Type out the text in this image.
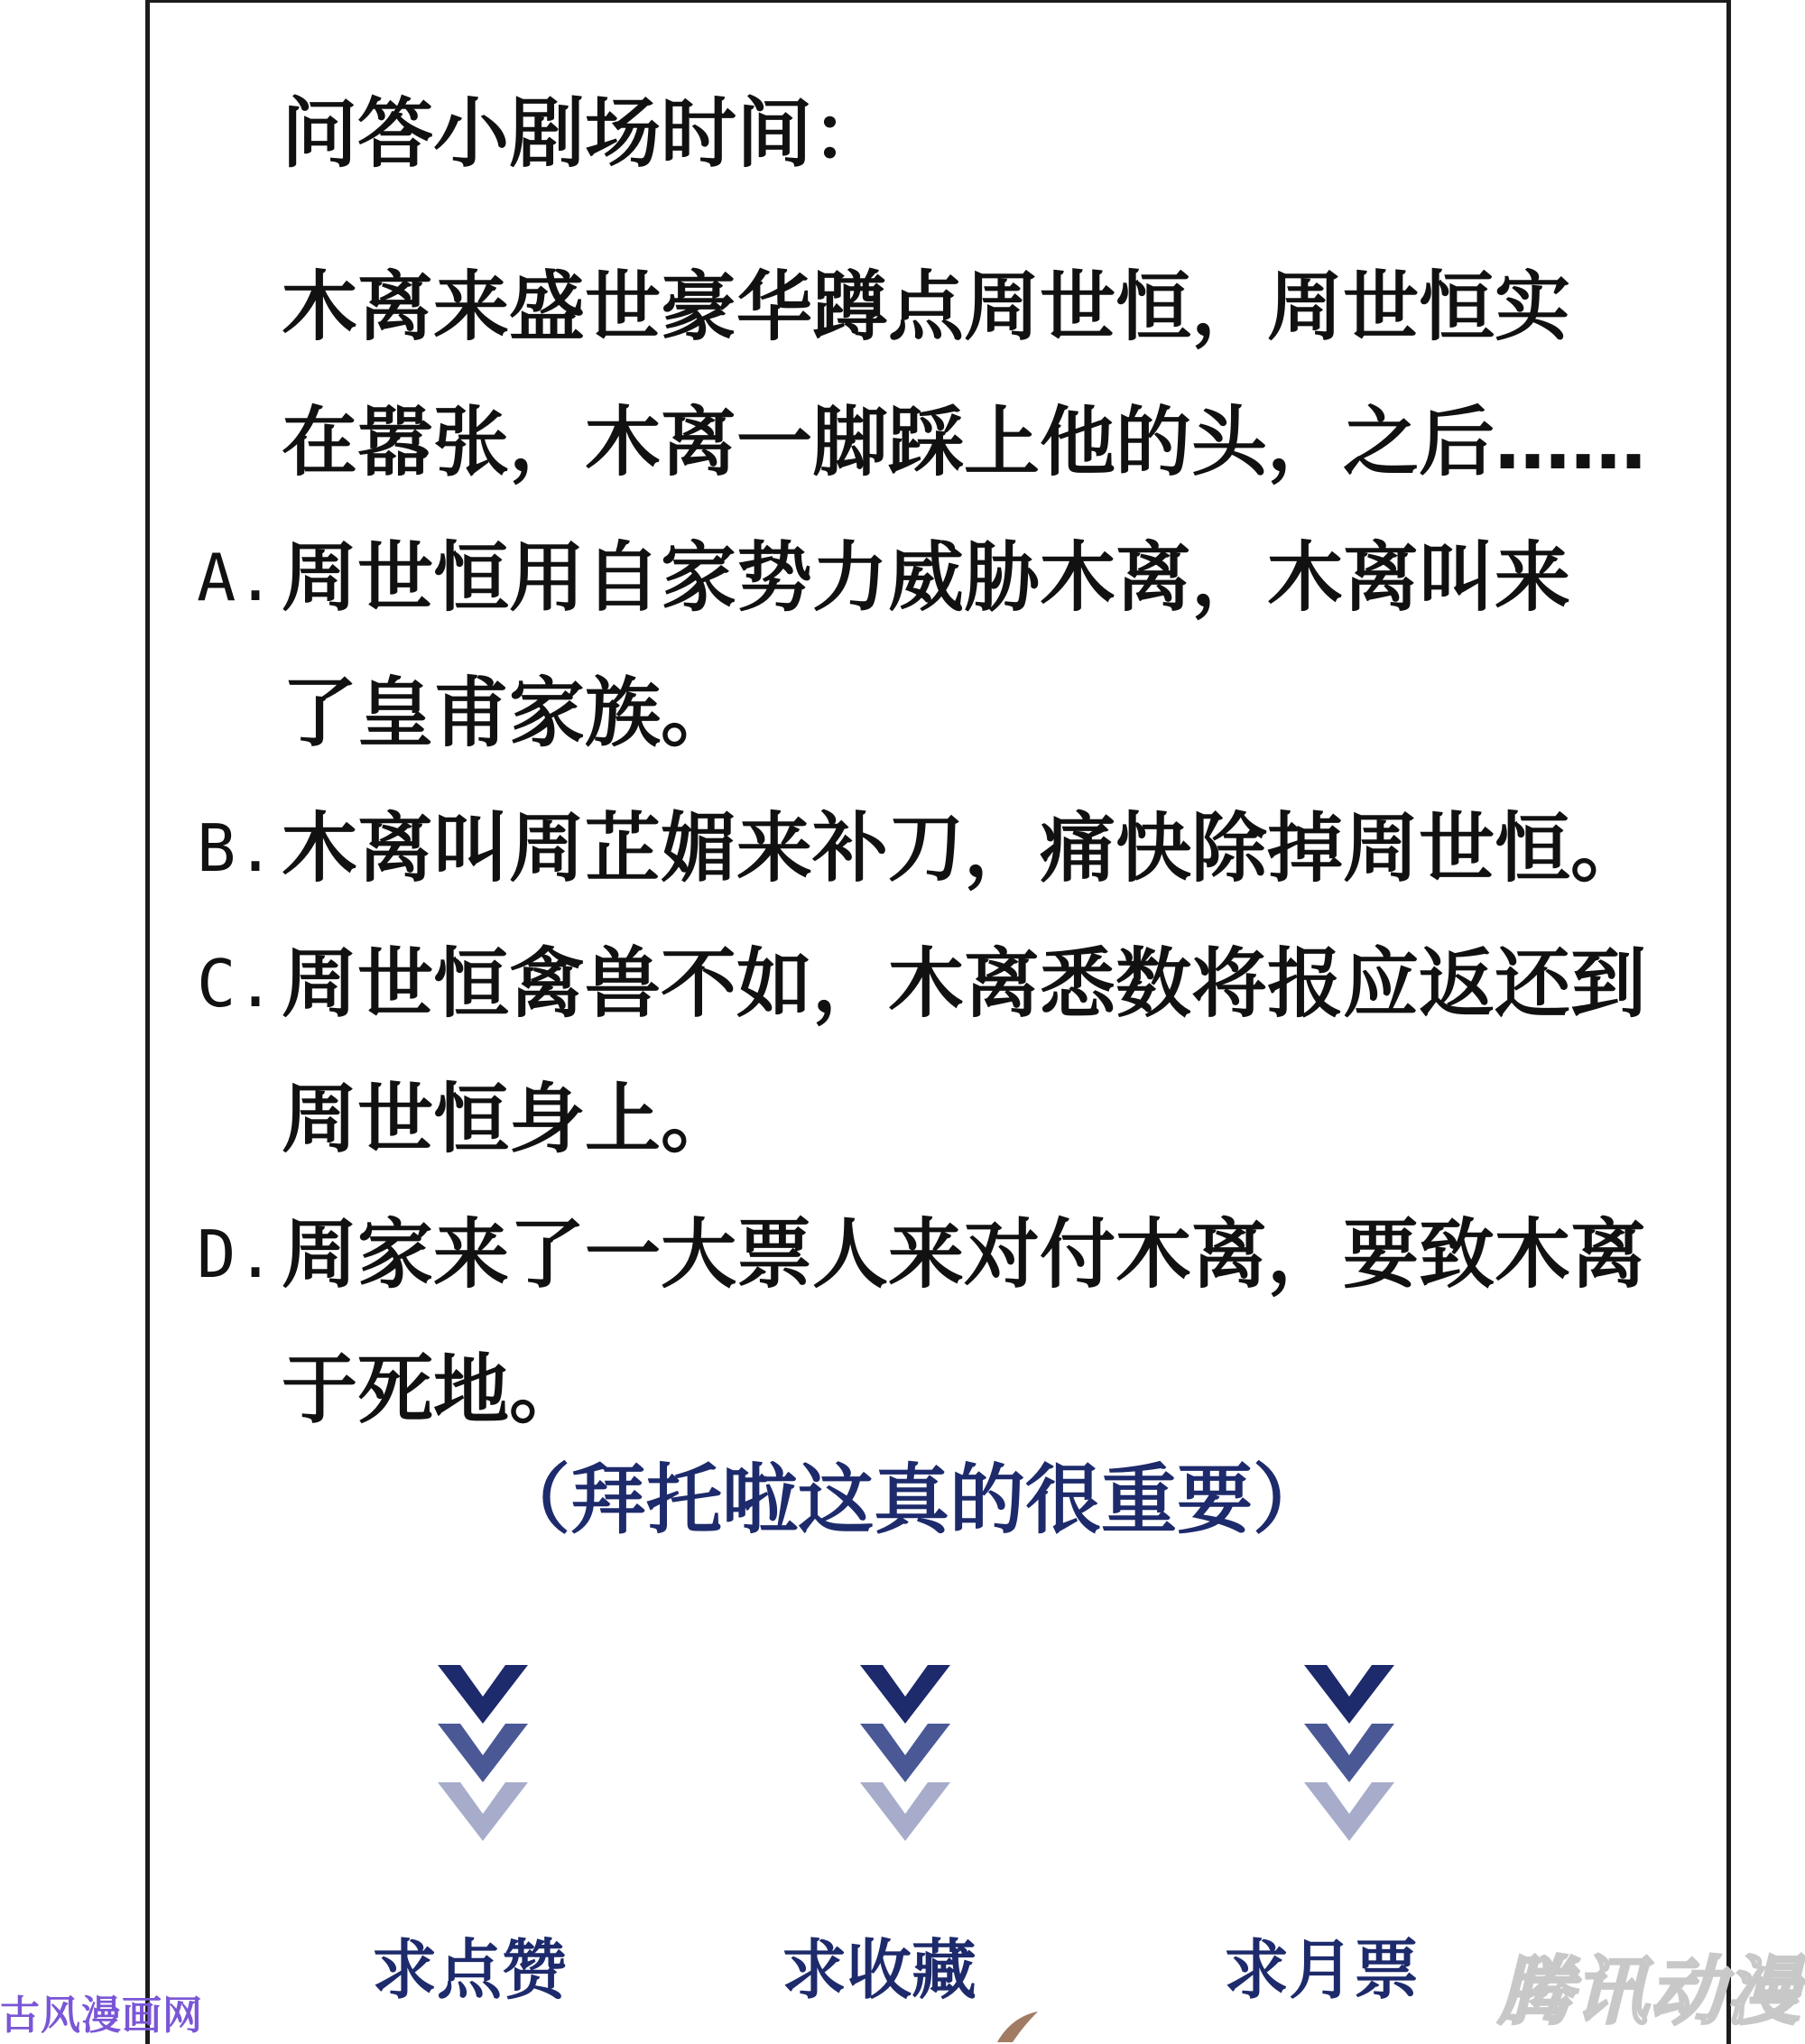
问答小剧场时间：
木离来盛世豪华蹲点周世恒，周世恒实
在嚣张，木离一脚踩上他的头，之后……
A. 周世恒用自家势力威胁木离，木离叫来
了皇甫家族。
B. 木离叫周芷媚来补刀，痛快除掉周世恒。
C. 周世恒禽兽不如，木离悉数将报应返还到
周世恒身上。
D. 周家来了一大票人来对付木离，要致木离
于死地。
（拜托啦这真的很重要）
求点赞	求收藏	求月票
古风漫画网	腾讯动漫
